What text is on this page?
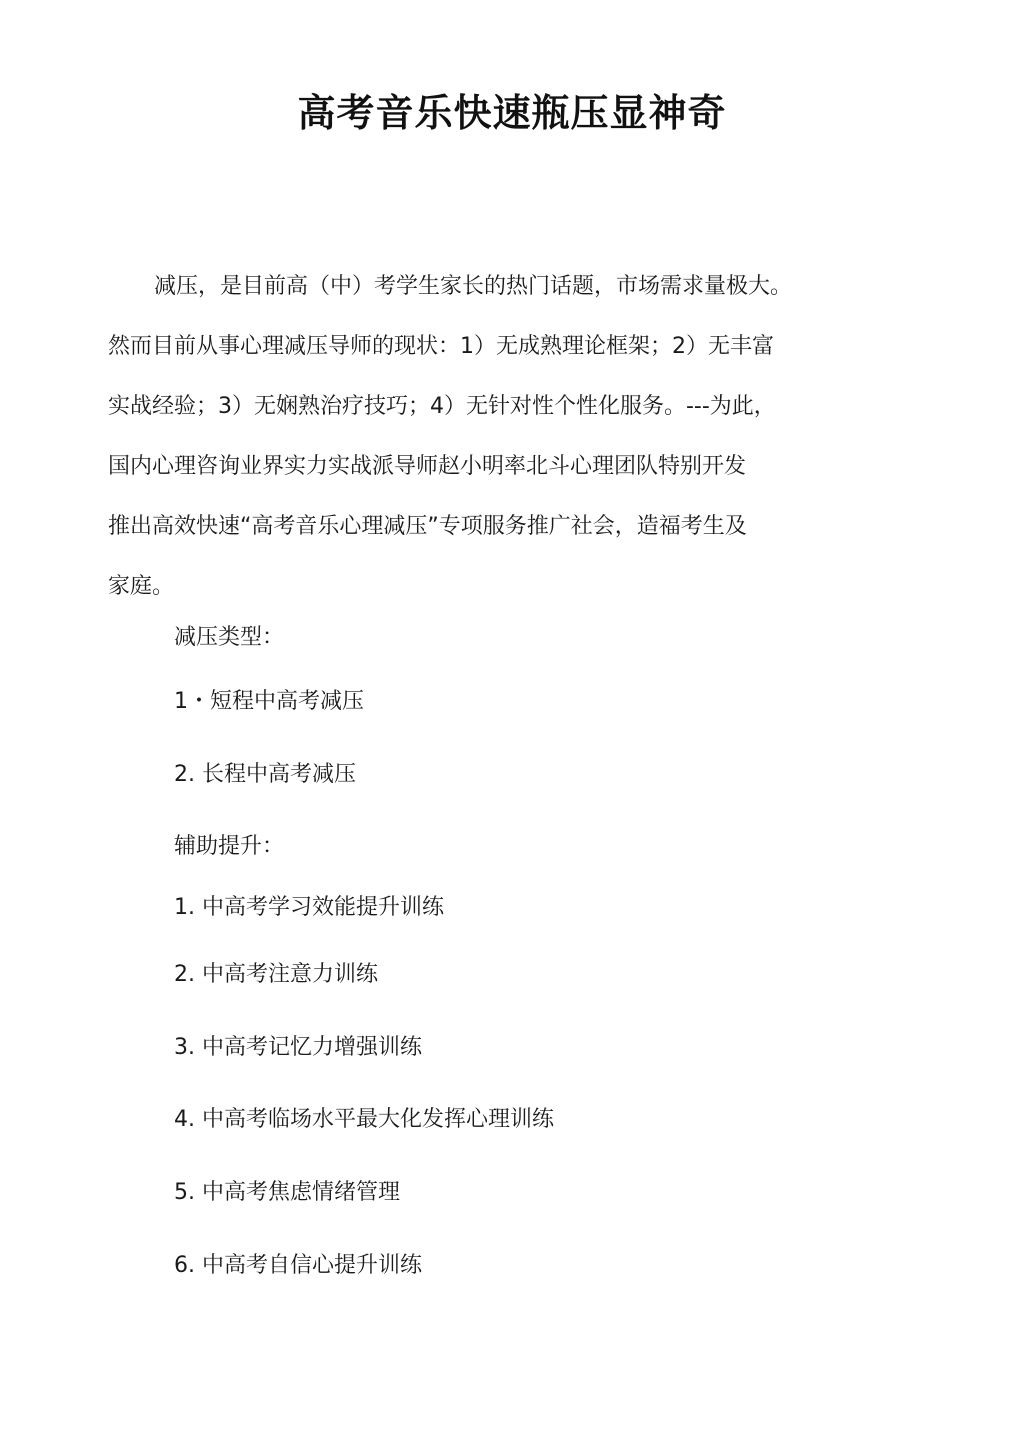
高考音乐快速瓶压显神奇

减压，是目前高（中）考学生家长的热门话题，市场需求量极大。
然而目前从事心理减压导师的现状：1）无成熟理论框架；2）无丰富
实战经验；3）无娴熟治疗技巧；4）无针对性个性化服务。---为此，
国内心理咨询业界实力实战派导师赵小明率北斗心理团队特别开发
推出高效快速“高考音乐心理减压”专项服务推广社会，造福考生及
家庭。

减压类型：

1・短程中高考减压

2. 长程中高考减压

辅助提升：

1. 中高考学习效能提升训练

2. 中高考注意力训练

3. 中高考记忆力增强训练

4. 中高考临场水平最大化发挥心理训练

5. 中高考焦虑情绪管理

6. 中高考自信心提升训练
